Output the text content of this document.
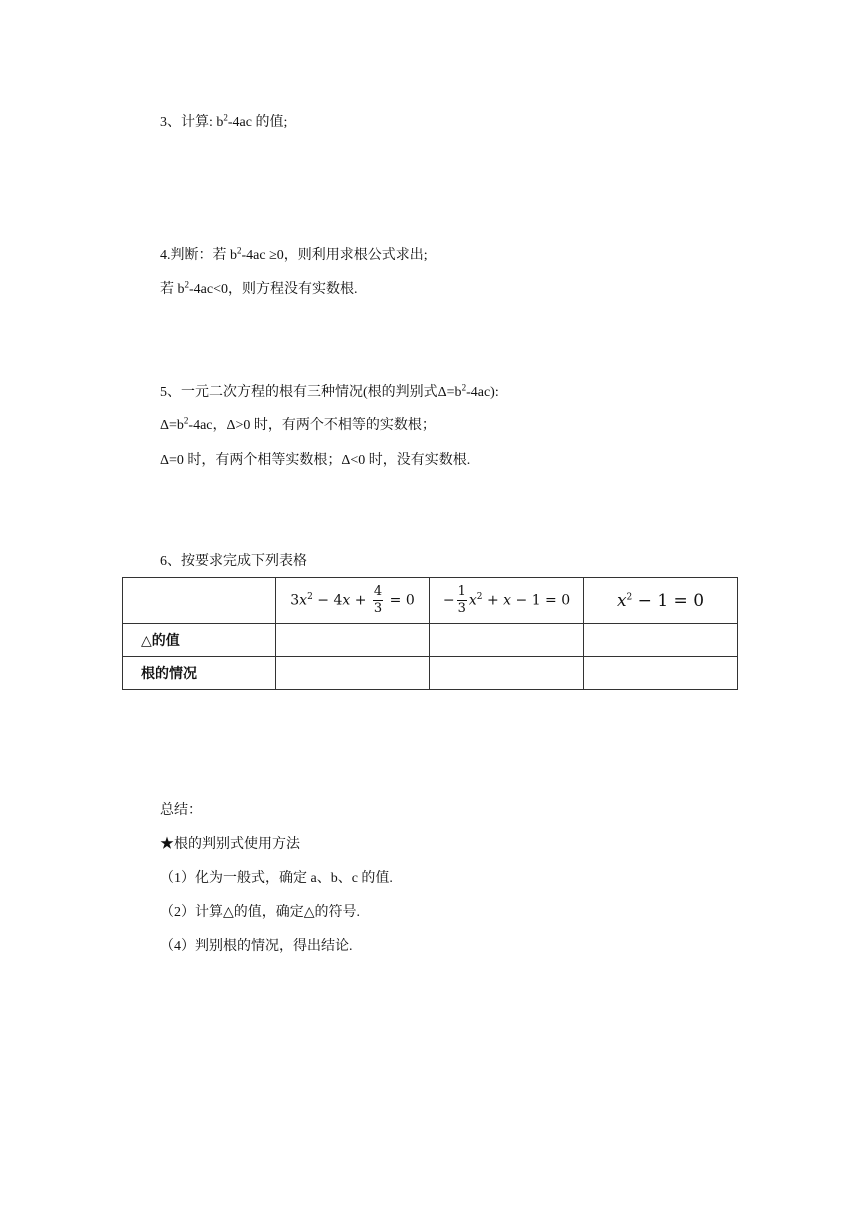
3、计算: $b^2-4ac$ 的值;
4.判断：若 $b^2-4ac \ge 0$，则利用求根公式求出;
若 $b^2-4ac<0$，则方程没有实数根.
5、一元二次方程的根有三种情况(根的判别式$\Delta=b^2-4ac$):
$\Delta=b^2-4ac$，Δ>0 时，有两个不相等的实数根；
Δ=0 时，有两个相等实数根；Δ<0 时，没有实数根.
6、按要求完成下列表格
	$3x^2 - 4x + \frac{4}{3} = 0$	− $\frac{1}{3} x^2 + x - 1 = 0$	$x^2 - 1 = 0$
△的值			
根的情况			
总结：
★根的判别式使用方法
（1）化为一般式，确定 a、b、c 的值.
（2）计算△的值，确定△的符号.
（4）判别根的情况，得出结论.
